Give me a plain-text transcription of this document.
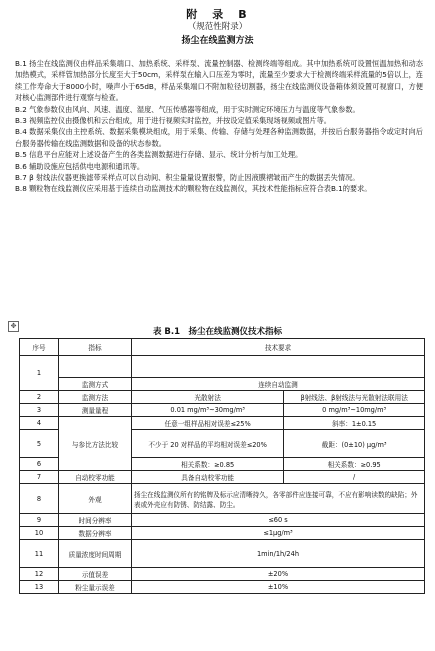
附　录　B
（规范性附录）
扬尘在线监测方法

B.1 扬尘在线监测仪由样品采集端口、加热系统、采样泵、流量控制器、检测终端等组成。其中加热系统可设置恒温加热和动态加热模式，采样管加热部分长度至大于50cm，采样泵在输入口压差为零时，流量至少要求大于检测终端采样流量的5倍以上，连续工作寿命大于8000小时，噪声小于65dB，样品采集端口不附加粒径切割器，扬尘在线监测仪设备箱体须设置可视窗口，方便对核心监测部件进行观察与检查。

B.2 气象参数仪由风向、风速、温度、湿度、气压传感器等组成，用于实时测定环境压力与温度等气象参数。

B.3 视频监控仪由摄像机和云台组成，用于进行视频实时监控，并按设定值采集现场视频或图片等。

B.4 数据采集仪由主控系统、数据采集模块组成，用于采集、传输、存储与处理各种监测数据，并按后台服务器指令或定时向后台服务器传输在线监测数据和设备的状态参数。

B.5 信息平台应能对上述设备产生的各类监测数据进行存储、显示、统计分析与加工处理。

B.6 辅助设施应包括供电电源和通讯等。

B.7 β 射线法仪器更换滤带采样点可以自动间、积尘量量设置报警，防止因液膜褶皱而产生的数据丢失情况。

B.8 颗粒物在线监测仪应采用基于连续自动监测技术的颗粒物在线监测仪，其技术性能指标应符合表B.1的要求。

✥
表 B.1　扬尘在线监测仪技术指标
序号	指标	技术要求	
1			
	监测方式	连续自动监测	
2	监测方法	光散射法	β射线法、β射线法与光散射法联用法
3	测量量程	0.01 mg/m³~30mg/m³	0 mg/m³~10mg/m³
4	与参比方法比较	任意一组样品相对误差≤25%	斜率：1±0.15
5		不少于 20 对样品的平均相对误差≤20%	截距：(0±10) μg/m³
6		相关系数：≥0.85	相关系数：≥0.95
7	自动校零功能	具备自动校零功能	/
8	外观	扬尘在线监测仪所有的铭牌及标示应清晰持久，各零部件应连接可靠，不应有影响读数的缺陷；外表或外壳应有防锈、防结露、防尘。	
9	时间分辨率	≤60 s	
10	数据分辨率	≤1μg/m³	
11	质量浓度时间周期	1min/1h/24h	
12	示值误差	±20%	
13	粉尘量示误差	±10%	
